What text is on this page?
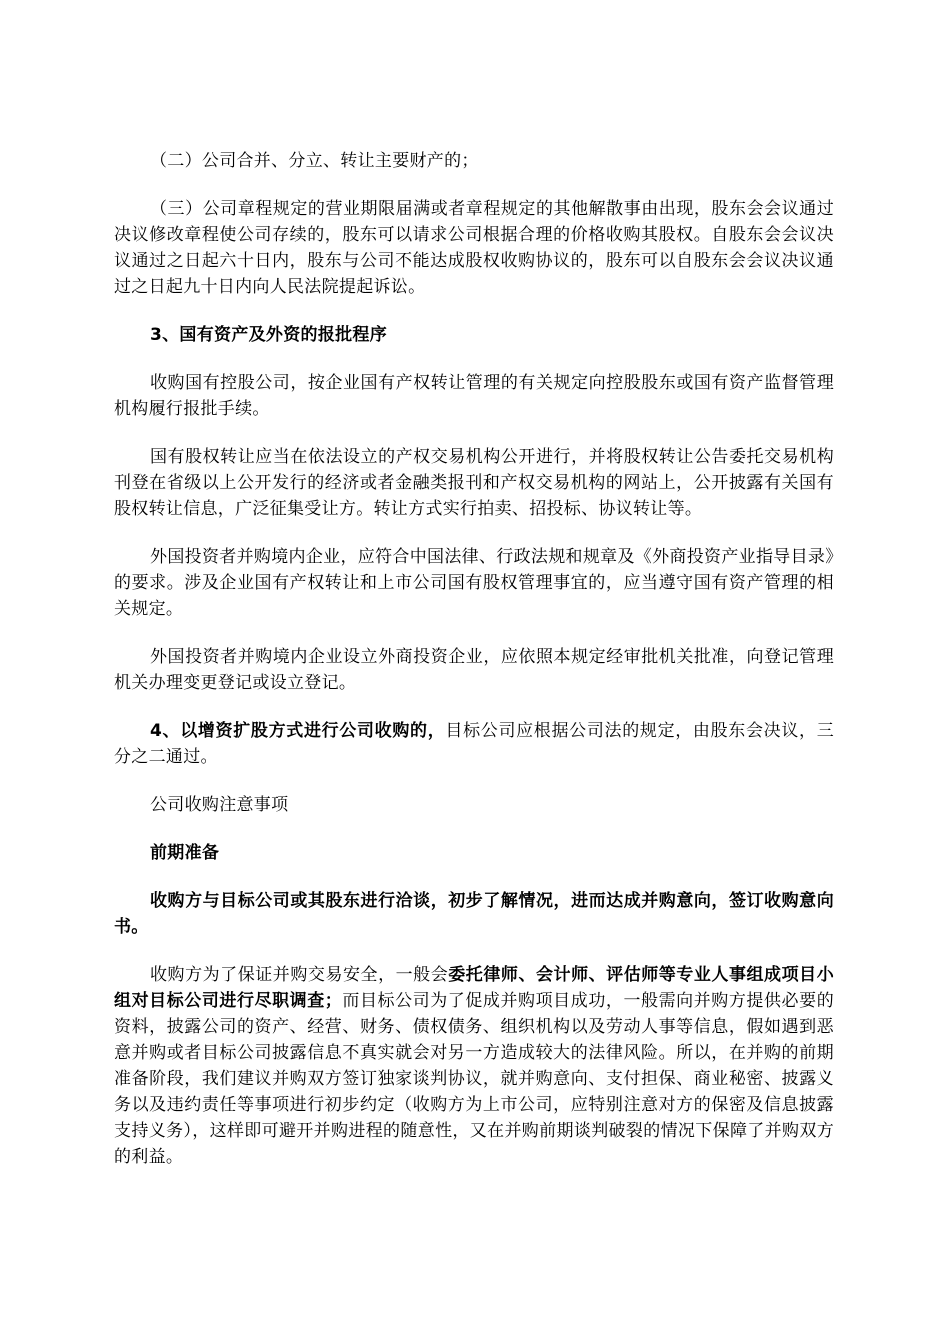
（二）公司合并、分立、转让主要财产的；

（三）公司章程规定的营业期限届满或者章程规定的其他解散事由出现，股东会会议通过决议修改章程使公司存续的，股东可以请求公司根据合理的价格收购其股权。自股东会会议决议通过之日起六十日内，股东与公司不能达成股权收购协议的，股东可以自股东会会议决议通过之日起九十日内向人民法院提起诉讼。

3、国有资产及外资的报批程序

收购国有控股公司，按企业国有产权转让管理的有关规定向控股股东或国有资产监督管理机构履行报批手续。

国有股权转让应当在依法设立的产权交易机构公开进行，并将股权转让公告委托交易机构刊登在省级以上公开发行的经济或者金融类报刊和产权交易机构的网站上，公开披露有关国有股权转让信息，广泛征集受让方。转让方式实行拍卖、招投标、协议转让等。

外国投资者并购境内企业，应符合中国法律、行政法规和规章及《外商投资产业指导目录》的要求。涉及企业国有产权转让和上市公司国有股权管理事宜的，应当遵守国有资产管理的相关规定。

外国投资者并购境内企业设立外商投资企业，应依照本规定经审批机关批准，向登记管理机关办理变更登记或设立登记。

4、以增资扩股方式进行公司收购的，目标公司应根据公司法的规定，由股东会决议，三分之二通过。

公司收购注意事项

前期准备

收购方与目标公司或其股东进行洽谈，初步了解情况，进而达成并购意向，签订收购意向书。

收购方为了保证并购交易安全，一般会委托律师、会计师、评估师等专业人事组成项目小组对目标公司进行尽职调查；而目标公司为了促成并购项目成功，一般需向并购方提供必要的资料，披露公司的资产、经营、财务、债权债务、组织机构以及劳动人事等信息，假如遇到恶意并购或者目标公司披露信息不真实就会对另一方造成较大的法律风险。所以，在并购的前期准备阶段，我们建议并购双方签订独家谈判协议，就并购意向、支付担保、商业秘密、披露义务以及违约责任等事项进行初步约定（收购方为上市公司，应特别注意对方的保密及信息披露支持义务），这样即可避开并购进程的随意性，又在并购前期谈判破裂的情况下保障了并购双方的利益。
